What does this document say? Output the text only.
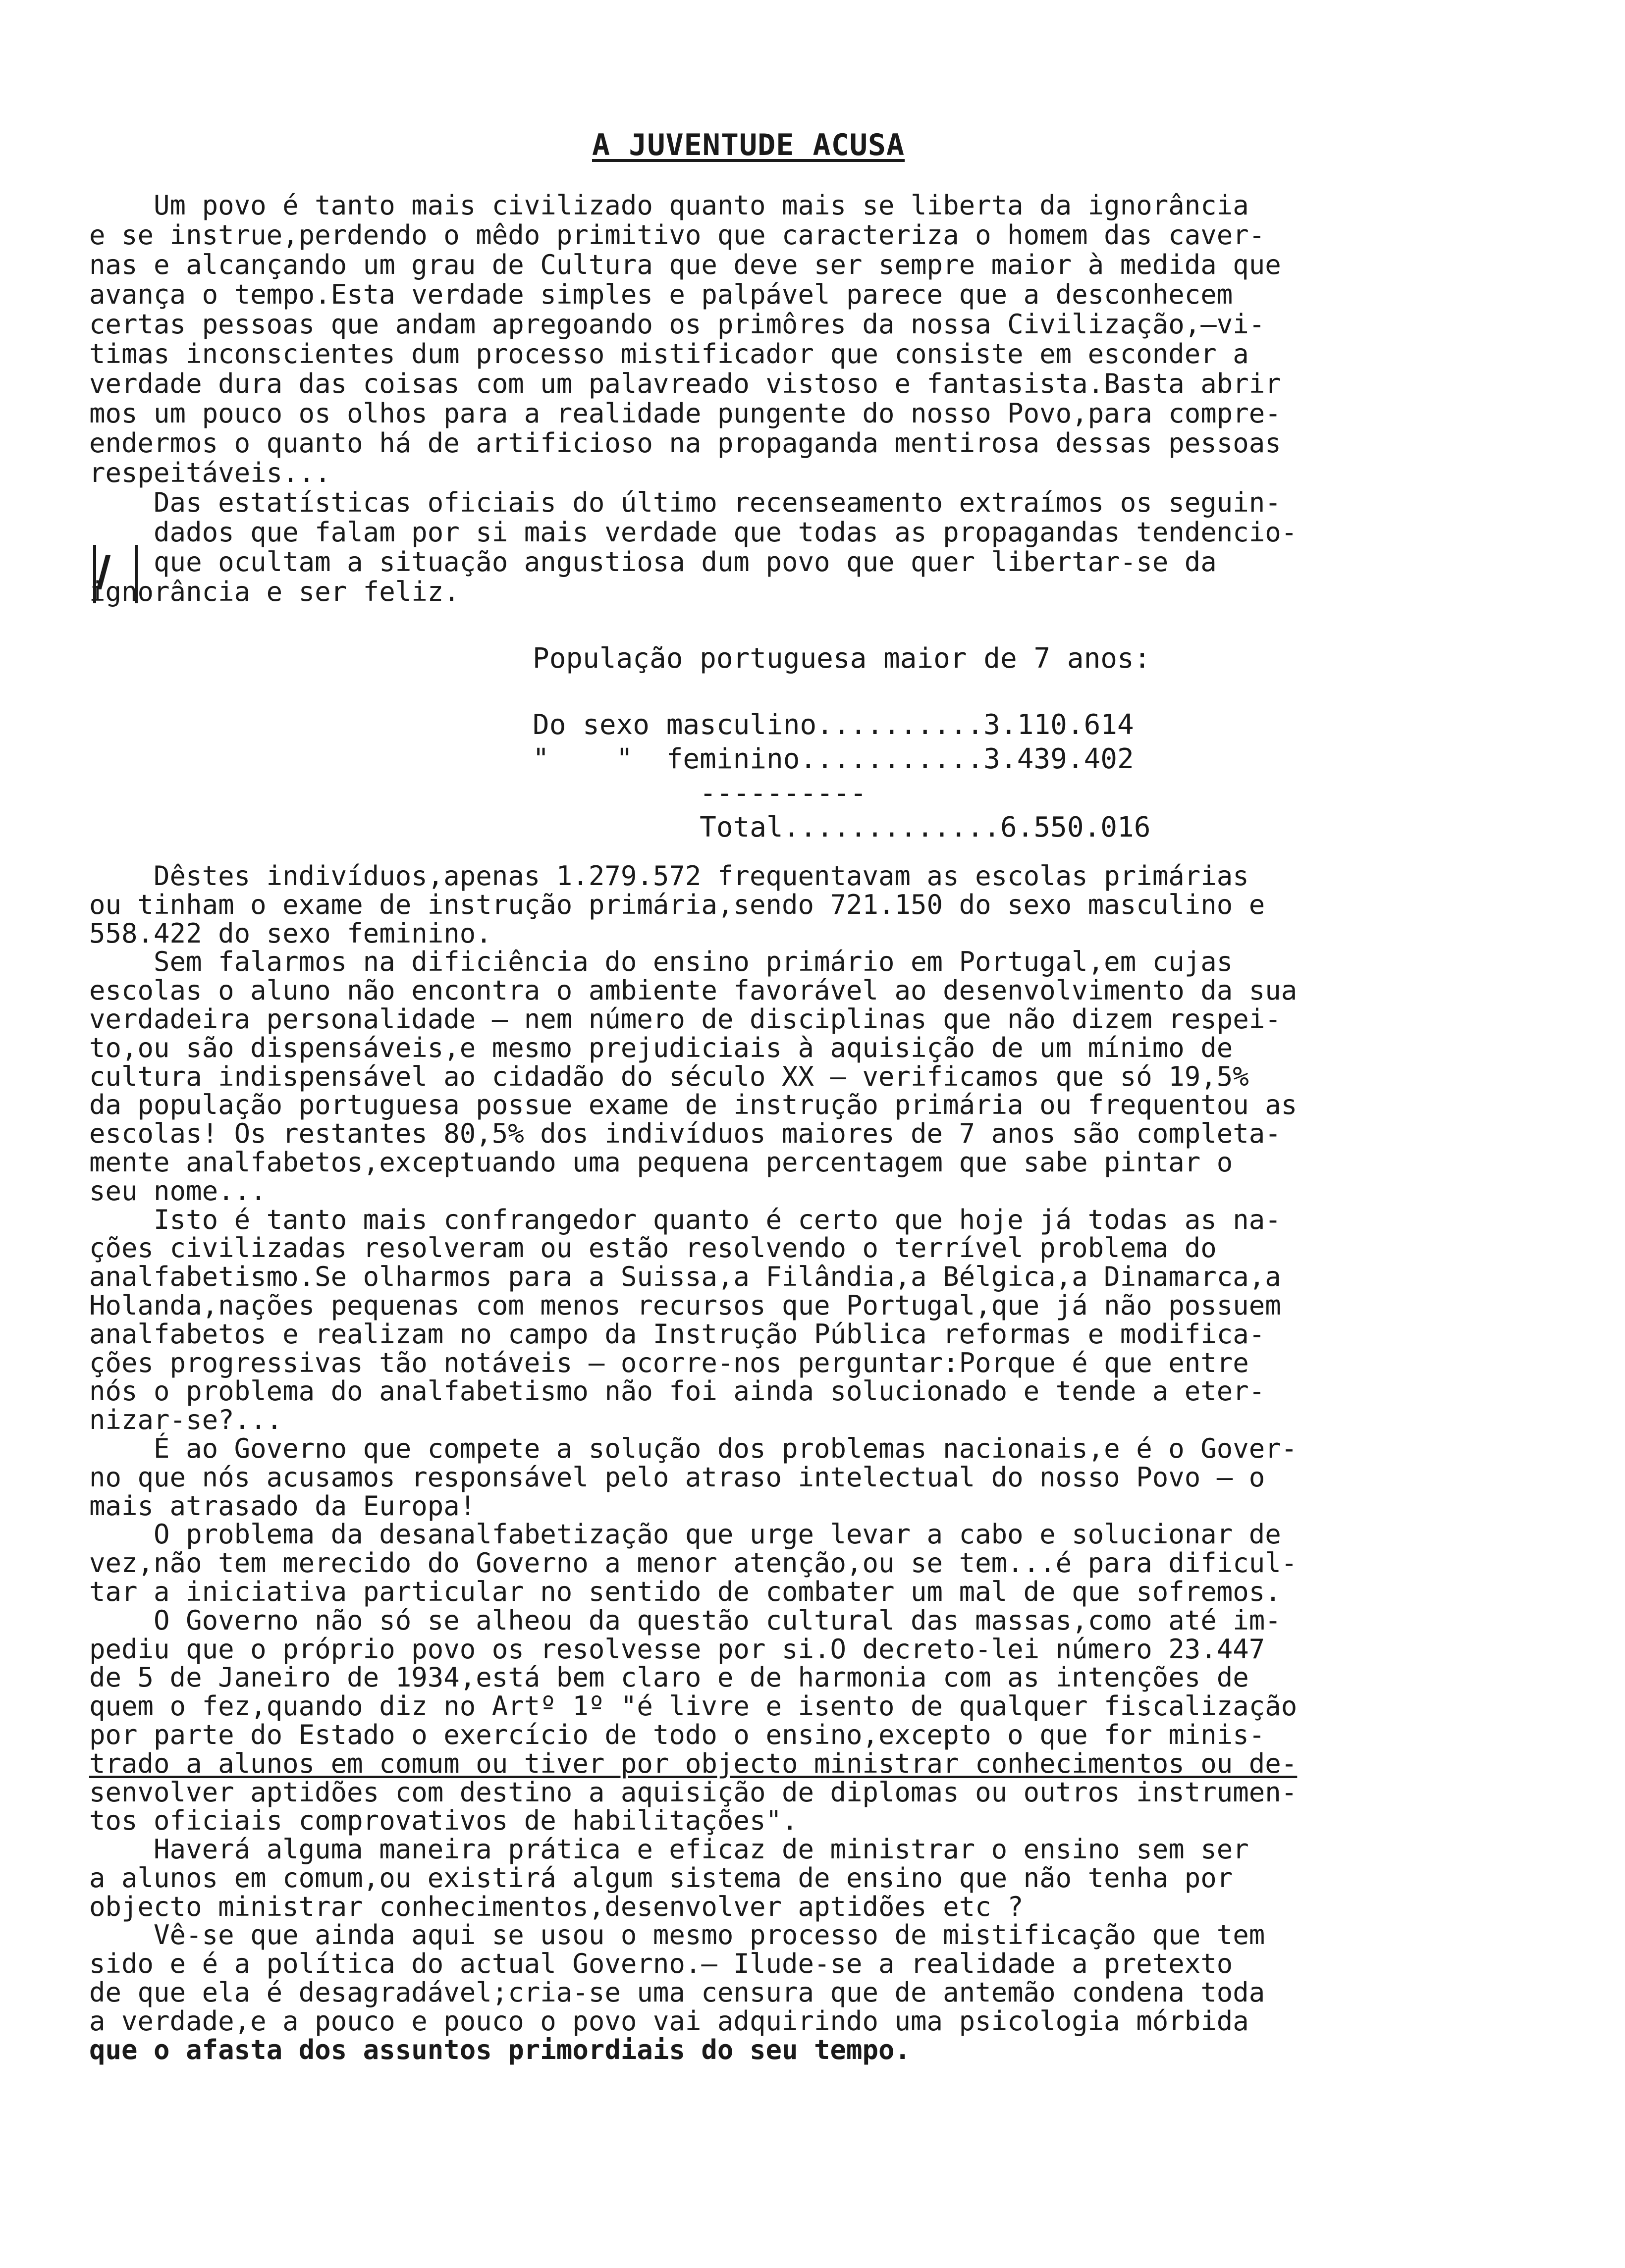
A JUVENTUDE ACUSA
Um povo é tanto mais civilizado quanto mais se liberta da ignorância
e se instrue,perdendo o mêdo primitivo que caracteriza o homem das caver-
nas e alcançando um grau de Cultura que deve ser sempre maior à medida que
avança o tempo.Esta verdade simples e palpável parece que a desconhecem
certas pessoas que andam apregoando os primôres da nossa Civilização,—vi-
timas inconscientes dum processo mistificador que consiste em esconder a
verdade dura das coisas com um palavreado vistoso e fantasista.Basta abrir
mos um pouco os olhos para a realidade pungente do nosso Povo,para compre-
endermos o quanto há de artificioso na propaganda mentirosa dessas pessoas
respeitáveis...
Das estatísticas oficiais do último recenseamento extraímos os seguin-
dados que falam por si mais verdade que todas as propagandas tendencio-
que ocultam a situação angustiosa dum povo que quer libertar-se da
ignorância e ser feliz.
População portuguesa maior de 7 anos:
Do sexo masculino..........3.110.614
"    "  feminino...........3.439.402
----------
Total.............6.550.016
Dêstes indivíduos,apenas 1.279.572 frequentavam as escolas primárias
ou tinham o exame de instrução primária,sendo 721.150 do sexo masculino e
558.422 do sexo feminino.
Sem falarmos na dificiência do ensino primário em Portugal,em cujas
escolas o aluno não encontra o ambiente favorável ao desenvolvimento da sua
verdadeira personalidade — nem número de disciplinas que não dizem respei-
to,ou são dispensáveis,e mesmo prejudiciais à aquisição de um mínimo de
cultura indispensável ao cidadão do século XX — verificamos que só 19,5%
da população portuguesa possue exame de instrução primária ou frequentou as
escolas! Os restantes 80,5% dos indivíduos maiores de 7 anos são completa-
mente analfabetos,exceptuando uma pequena percentagem que sabe pintar o
seu nome...
Isto é tanto mais confrangedor quanto é certo que hoje já todas as na-
ções civilizadas resolveram ou estão resolvendo o terrível problema do
analfabetismo.Se olharmos para a Suissa,a Filândia,a Bélgica,a Dinamarca,a
Holanda,nações pequenas com menos recursos que Portugal,que já não possuem
analfabetos e realizam no campo da Instrução Pública reformas e modifica-
ções progressivas tão notáveis — ocorre-nos perguntar:Porque é que entre
nós o problema do analfabetismo não foi ainda solucionado e tende a eter-
nizar-se?...
É ao Governo que compete a solução dos problemas nacionais,e é o Gover-
no que nós acusamos responsável pelo atraso intelectual do nosso Povo — o
mais atrasado da Europa!
O problema da desanalfabetização que urge levar a cabo e solucionar de
vez,não tem merecido do Governo a menor atenção,ou se tem...é para dificul-
tar a iniciativa particular no sentido de combater um mal de que sofremos.
O Governo não só se alheou da questão cultural das massas,como até im-
pediu que o próprio povo os resolvesse por si.O decreto-lei número 23.447
de 5 de Janeiro de 1934,está bem claro e de harmonia com as intenções de
quem o fez,quando diz no Artº 1º "é livre e isento de qualquer fiscalização
por parte do Estado o exercício de todo o ensino,excepto o que for minis-
trado a alunos em comum ou tiver por objecto ministrar conhecimentos ou de-
senvolver aptidões com destino a aquisição de diplomas ou outros instrumen-
tos oficiais comprovativos de habilitações".
Haverá alguma maneira prática e eficaz de ministrar o ensino sem ser
a alunos em comum,ou existirá algum sistema de ensino que não tenha por
objecto ministrar conhecimentos,desenvolver aptidões etc ?
Vê-se que ainda aqui se usou o mesmo processo de mistificação que tem
sido e é a política do actual Governo.— Ilude-se a realidade a pretexto
de que ela é desagradável;cria-se uma censura que de antemão condena toda
a verdade,e a pouco e pouco o povo vai adquirindo uma psicologia mórbida
que o afasta dos assuntos primordiais do seu tempo.
